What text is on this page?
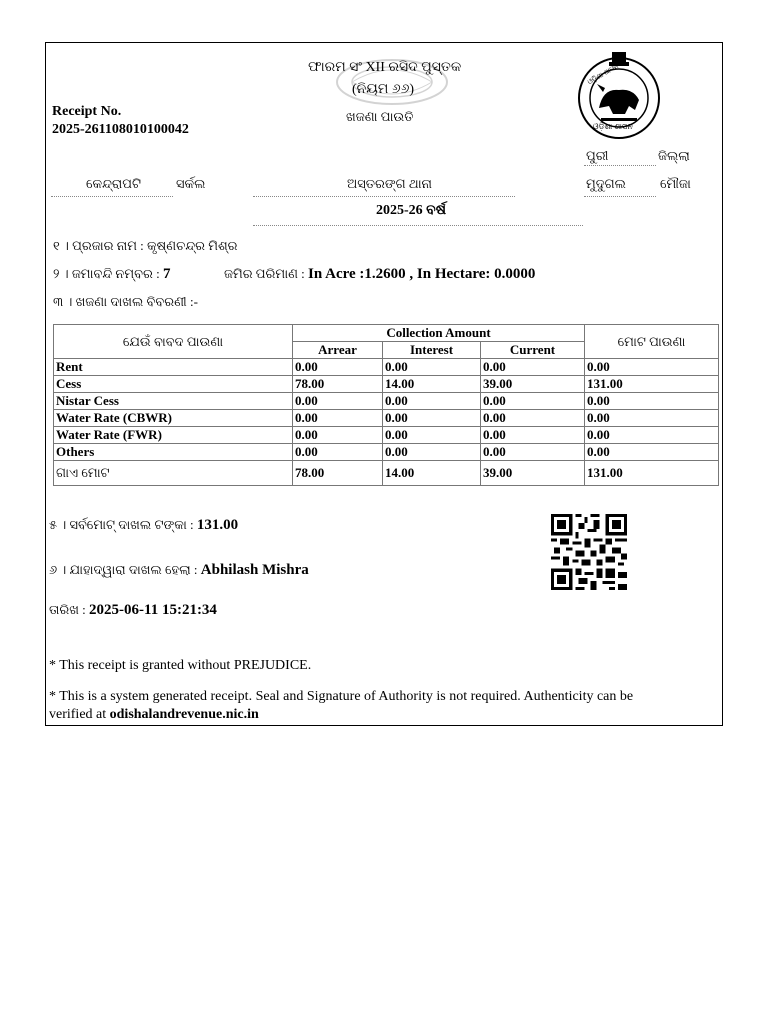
ଫାରମ ସଂ XII ରସିଦ ପୁସ୍ତକ
(ନିୟମ ୬୬)
ଖଜଣା ପାଉତି
ଓଡ଼ିଶା ଶାସନ
ଓଡ଼ିଶା ଶାସନ
Receipt No.
2025-261108010100042
ପୁରୀ	ଜିଲ୍ଲା
କେନ୍ଦ୍ରାପଟି	ସର୍କଲ	ଅସ୍ତରଙ୍ଗ ଥାନା	ମୁଦୁଗଲ	ମୌଜା
2025-26 ବର୍ଷ
୧ । ପ୍ରଜାର ନାମ : କୃଷ୍ଣଚନ୍ଦ୍ର ମିଶ୍ର
୨ । ଜମାବନ୍ଦି ନମ୍ବର : 7	ଜମିର ପରିମାଣ : In Acre :1.2600 , In Hectare: 0.0000
୩ । ଖଜଣା ଦାଖଲ ବିବରଣୀ :-
ଯେଉଁ ବାବଦ ପାଉଣା	Collection Amount			ମୋଟ ପାଉଣା
	Arrear	Interest	Current	
Rent	0.00	0.00	0.00	0.00
Cess	78.00	14.00	39.00	131.00
Nistar Cess	0.00	0.00	0.00	0.00
Water Rate (CBWR)	0.00	0.00	0.00	0.00
Water Rate (FWR)	0.00	0.00	0.00	0.00
Others	0.00	0.00	0.00	0.00
ଗାଏ ମୋଟ	78.00	14.00	39.00	131.00
୫ । ସର୍ବମୋଟ୍ ଦାଖଲ ଟଙ୍କା : 131.00
୬ । ଯାହାଦ୍ୱାରା ଦାଖଲ ହେଲା : Abhilash Mishra
ତାରିଖ : 2025-06-11 15:21:34
* This receipt is granted without PREJUDICE.
* This is a system generated receipt. Seal and Signature of Authority is not required. Authenticity can be
verified at odishalandrevenue.nic.in
